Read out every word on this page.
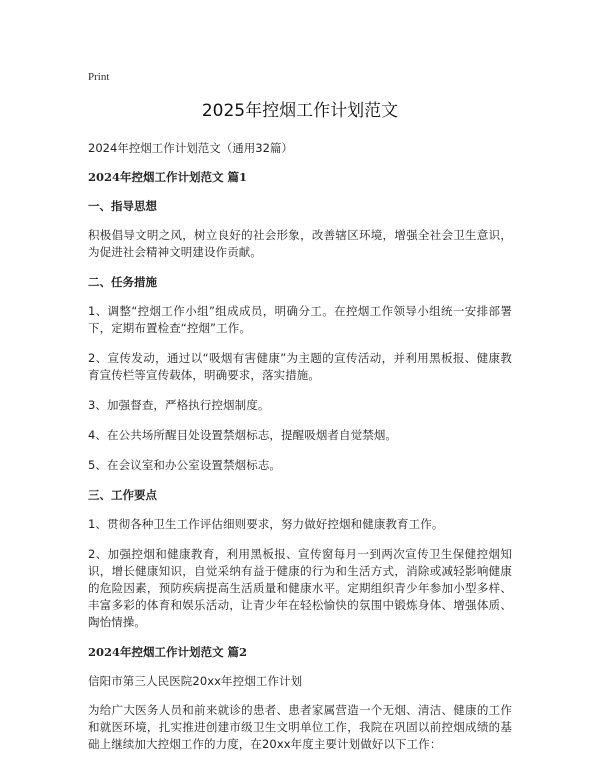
Print
2025年控烟工作计划范文
2024年控烟工作计划范文（通用32篇）
2024年控烟工作计划范文 篇1
一、指导思想
积极倡导文明之风，树立良好的社会形象，改善辖区环境，增强全社会卫生意识，为促进社会精神文明建设作贡献。
二、任务措施
1、调整“控烟工作小组”组成成员，明确分工。在控烟工作领导小组统一安排部署下，定期布置检查“控烟”工作。
2、宣传发动，通过以“吸烟有害健康”为主题的宣传活动，并利用黑板报、健康教育宣传栏等宣传载体，明确要求，落实措施。
3、加强督查，严格执行控烟制度。
4、在公共场所醒目处设置禁烟标志，提醒吸烟者自觉禁烟。
5、在会议室和办公室设置禁烟标志。
三、工作要点
1、贯彻各种卫生工作评估细则要求，努力做好控烟和健康教育工作。
2、加强控烟和健康教育，利用黑板报、宣传窗每月一到两次宣传卫生保健控烟知识，增长健康知识，自觉采纳有益于健康的行为和生活方式，消除或减轻影响健康的危险因素，预防疾病提高生活质量和健康水平。定期组织青少年参加小型多样、丰富多彩的体育和娱乐活动，让青少年在轻松愉快的氛围中锻炼身体、增强体质、陶怡情操。
2024年控烟工作计划范文 篇2
信阳市第三人民医院20xx年控烟工作计划
为给广大医务人员和前来就诊的患者、患者家属营造一个无烟、清洁、健康的工作和就医环境，扎实推进创建市级卫生文明单位工作，我院在巩固以前控烟成绩的基础上继续加大控烟工作的力度，在20xx年度主要计划做好以下工作：
